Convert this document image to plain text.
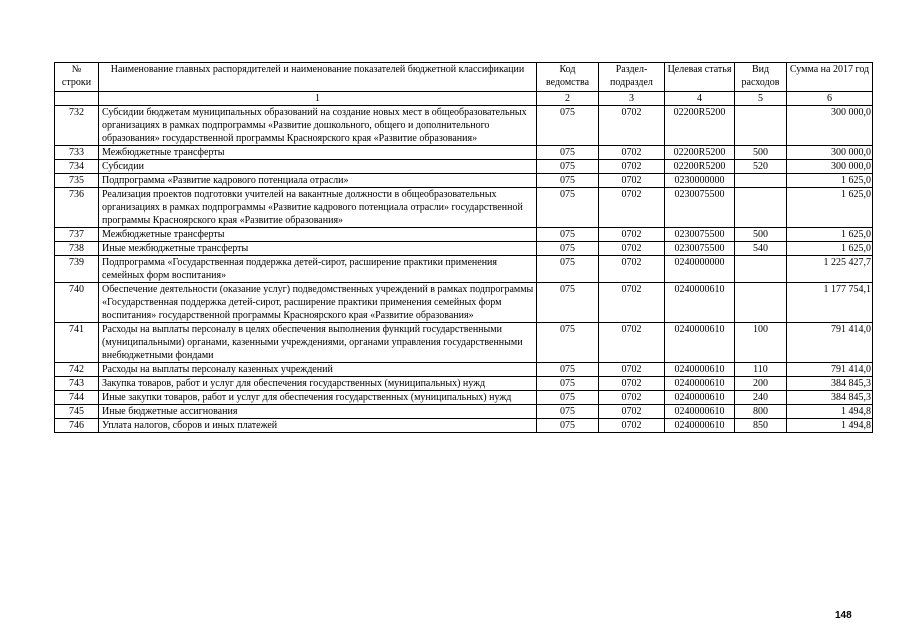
№ строки	Наименование главных распорядителей и наименование показателей бюджетной классификации	Код ведомства	Раздел-подраздел	Целевая статья	Вид расходов	Сумма на 2017 год
	1	2	3	4	5	6
732	Субсидии бюджетам муниципальных образований на создание новых мест в общеобразовательных организациях в рамках подпрограммы «Развитие дошкольного, общего и дополнительного образования» государственной программы Красноярского края «Развитие образования»	075	0702	02200R5200		300 000,0
733	Межбюджетные трансферты	075	0702	02200R5200	500	300 000,0
734	Субсидии	075	0702	02200R5200	520	300 000,0
735	Подпрограмма «Развитие кадрового потенциала отрасли»	075	0702	0230000000		1 625,0
736	Реализация проектов подготовки учителей на вакантные должности в общеобразовательных организациях в рамках подпрограммы «Развитие кадрового потенциала отрасли» государственной программы Красноярского края «Развитие образования»	075	0702	0230075500		1 625,0
737	Межбюджетные трансферты	075	0702	0230075500	500	1 625,0
738	Иные межбюджетные трансферты	075	0702	0230075500	540	1 625,0
739	Подпрограмма «Государственная поддержка детей-сирот, расширение практики применения семейных форм воспитания»	075	0702	0240000000		1 225 427,7
740	Обеспечение деятельности (оказание услуг) подведомственных учреждений в рамках подпрограммы «Государственная поддержка детей-сирот, расширение практики применения семейных форм воспитания» государственной программы Красноярского края «Развитие образования»	075	0702	0240000610		1 177 754,1
741	Расходы на выплаты персоналу в целях обеспечения выполнения функций государственными (муниципальными) органами, казенными учреждениями, органами управления государственными внебюджетными фондами	075	0702	0240000610	100	791 414,0
742	Расходы на выплаты персоналу казенных учреждений	075	0702	0240000610	110	791 414,0
743	Закупка товаров, работ и услуг для обеспечения государственных (муниципальных) нужд	075	0702	0240000610	200	384 845,3
744	Иные закупки товаров, работ и услуг для обеспечения государственных (муниципальных) нужд	075	0702	0240000610	240	384 845,3
745	Иные бюджетные ассигнования	075	0702	0240000610	800	1 494,8
746	Уплата налогов, сборов и иных платежей	075	0702	0240000610	850	1 494,8
148
